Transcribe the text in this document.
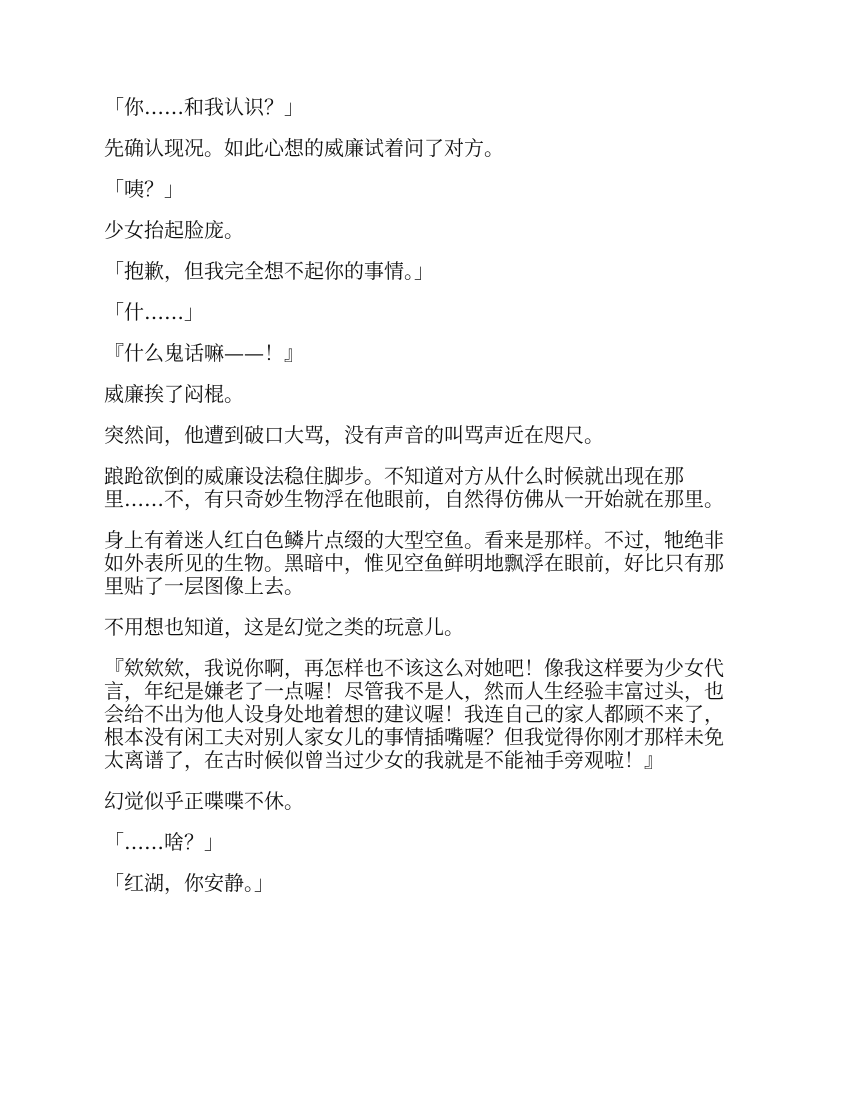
「你……和我认识？」

先确认现况。如此心想的威廉试着问了对方。

「咦？」

少女抬起脸庞。

「抱歉，但我完全想不起你的事情。」

「什……」

『什么鬼话嘛——！』

威廉挨了闷棍。

突然间，他遭到破口大骂，没有声音的叫骂声近在咫尺。

踉跄欲倒的威廉设法稳住脚步。不知道对方从什么时候就出现在那
里……不，有只奇妙生物浮在他眼前，自然得仿佛从一开始就在那里。

身上有着迷人红白色鳞片点缀的大型空鱼。看来是那样。不过，牠绝非
如外表所见的生物。黑暗中，惟见空鱼鲜明地飘浮在眼前，好比只有那
里贴了一层图像上去。

不用想也知道，这是幻觉之类的玩意儿。

『欸欸欸，我说你啊，再怎样也不该这么对她吧！像我这样要为少女代
言，年纪是嫌老了一点喔！尽管我不是人，然而人生经验丰富过头，也
会给不出为他人设身处地着想的建议喔！我连自己的家人都顾不来了，
根本没有闲工夫对别人家女儿的事情插嘴喔？但我觉得你刚才那样未免
太离谱了，在古时候似曾当过少女的我就是不能袖手旁观啦！』

幻觉似乎正喋喋不休。

「……啥？」

「红湖，你安静。」
